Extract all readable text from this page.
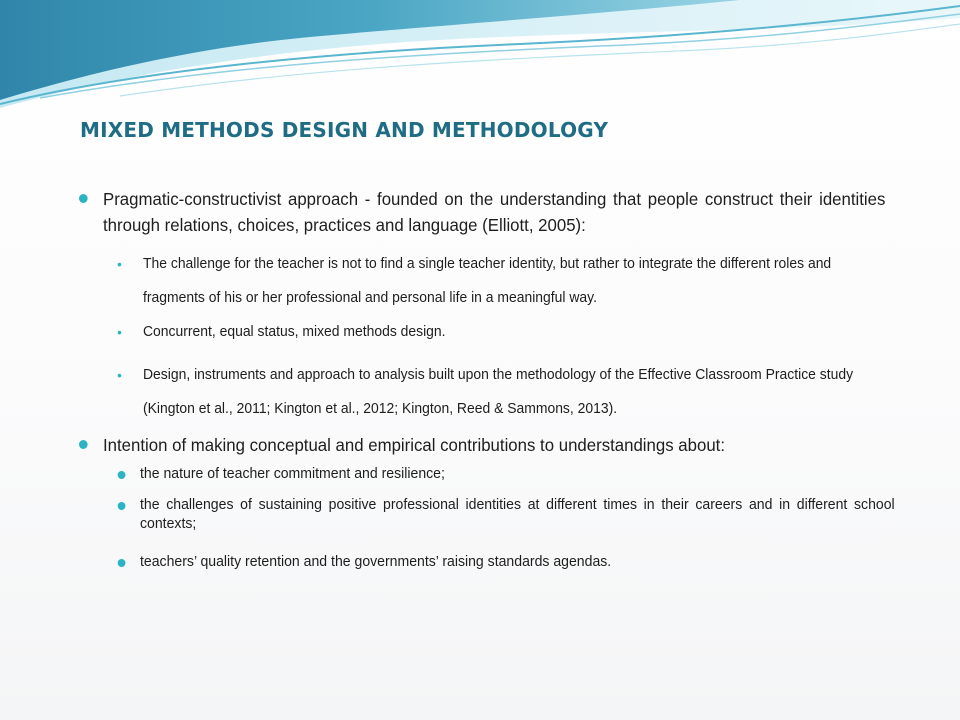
MIXED METHODS DESIGN AND METHODOLOGY
Pragmatic-constructivist approach - founded on the understanding that people construct their identities through relations, choices, practices and language (Elliott, 2005):
• The challenge for the teacher is not to find a single teacher identity, but rather to integrate the different roles and fragments of his or her professional and personal life in a meaningful way.
• Concurrent, equal status, mixed methods design.
• Design, instruments and approach to analysis built upon the methodology of the Effective Classroom Practice study (Kington et al., 2011; Kington et al., 2012; Kington, Reed & Sammons, 2013).
Intention of making conceptual and empirical contributions to understandings about:
the nature of teacher commitment and resilience;
the challenges of sustaining positive professional identities at different times in their careers and in different school contexts;
teachers’ quality retention and the governments’ raising standards agendas.
